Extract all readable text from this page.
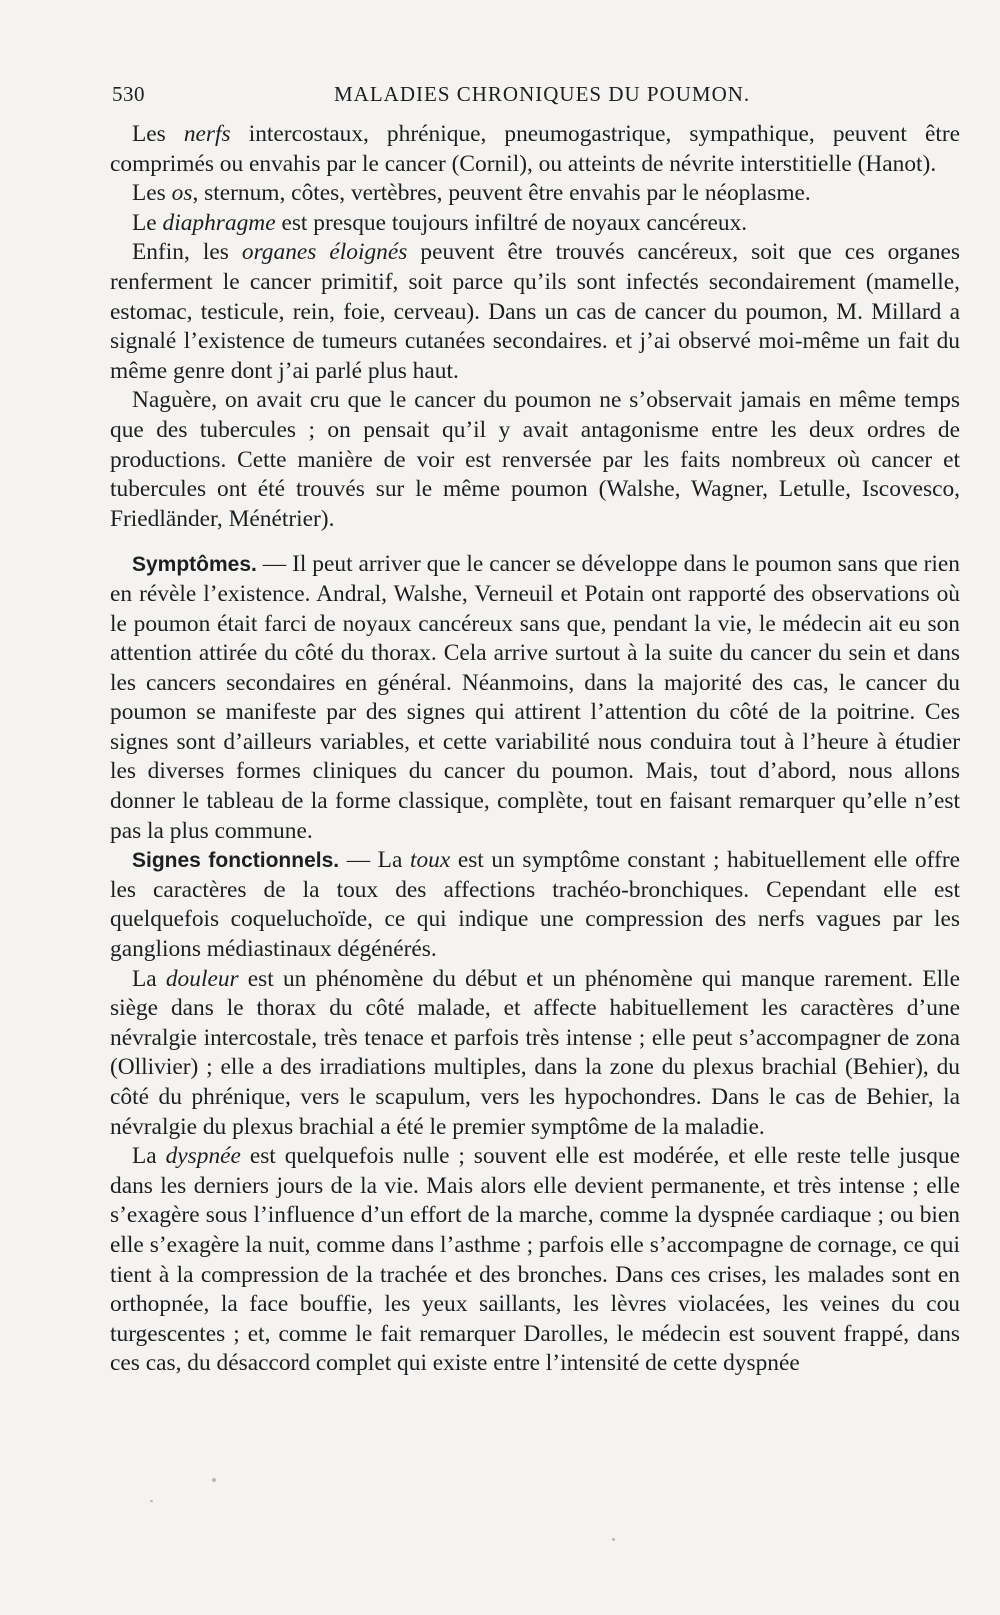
530	MALADIES CHRONIQUES DU POUMON.

Les nerfs intercostaux, phrénique, pneumogastrique, sympathique, peuvent être comprimés ou envahis par le cancer (Cornil), ou atteints de névrite interstitielle (Hanot).

Les os, sternum, côtes, vertèbres, peuvent être envahis par le néoplasme.

Le diaphragme est presque toujours infiltré de noyaux cancéreux.

Enfin, les organes éloignés peuvent être trouvés cancéreux, soit que ces organes renferment le cancer primitif, soit parce qu’ils sont infectés secondairement (mamelle, estomac, testicule, rein, foie, cerveau). Dans un cas de cancer du poumon, M. Millard a signalé l’existence de tumeurs cutanées secondaires. et j’ai observé moi-même un fait du même genre dont j’ai parlé plus haut.

Naguère, on avait cru que le cancer du poumon ne s’observait jamais en même temps que des tubercules ; on pensait qu’il y avait antagonisme entre les deux ordres de productions. Cette manière de voir est renversée par les faits nombreux où cancer et tubercules ont été trouvés sur le même poumon (Walshe, Wagner, Letulle, Iscovesco, Friedländer, Ménétrier).

Symptômes. — Il peut arriver que le cancer se développe dans le poumon sans que rien en révèle l’existence. Andral, Walshe, Verneuil et Potain ont rapporté des observations où le poumon était farci de noyaux cancéreux sans que, pendant la vie, le médecin ait eu son attention attirée du côté du thorax. Cela arrive surtout à la suite du cancer du sein et dans les cancers secondaires en général. Néanmoins, dans la majorité des cas, le cancer du poumon se manifeste par des signes qui attirent l’attention du côté de la poitrine. Ces signes sont d’ailleurs variables, et cette variabilité nous conduira tout à l’heure à étudier les diverses formes cliniques du cancer du poumon. Mais, tout d’abord, nous allons donner le tableau de la forme classique, complète, tout en faisant remarquer qu’elle n’est pas la plus commune.

Signes fonctionnels. — La toux est un symptôme constant ; habituellement elle offre les caractères de la toux des affections trachéo-bronchiques. Cependant elle est quelquefois coqueluchoïde, ce qui indique une compression des nerfs vagues par les ganglions médiastinaux dégénérés.

La douleur est un phénomène du début et un phénomène qui manque rarement. Elle siège dans le thorax du côté malade, et affecte habituellement les caractères d’une névralgie intercostale, très tenace et parfois très intense ; elle peut s’accompagner de zona (Ollivier) ; elle a des irradiations multiples, dans la zone du plexus brachial (Behier), du côté du phrénique, vers le scapulum, vers les hypochondres. Dans le cas de Behier, la névralgie du plexus brachial a été le premier symptôme de la maladie.

La dyspnée est quelquefois nulle ; souvent elle est modérée, et elle reste telle jusque dans les derniers jours de la vie. Mais alors elle devient permanente, et très intense ; elle s’exagère sous l’influence d’un effort de la marche, comme la dyspnée cardiaque ; ou bien elle s’exagère la nuit, comme dans l’asthme ; parfois elle s’accompagne de cornage, ce qui tient à la compression de la trachée et des bronches. Dans ces crises, les malades sont en orthopnée, la face bouffie, les yeux saillants, les lèvres violacées, les veines du cou turgescentes ; et, comme le fait remarquer Darolles, le médecin est souvent frappé, dans ces cas, du désaccord complet qui existe entre l’intensité de cette dyspnée
